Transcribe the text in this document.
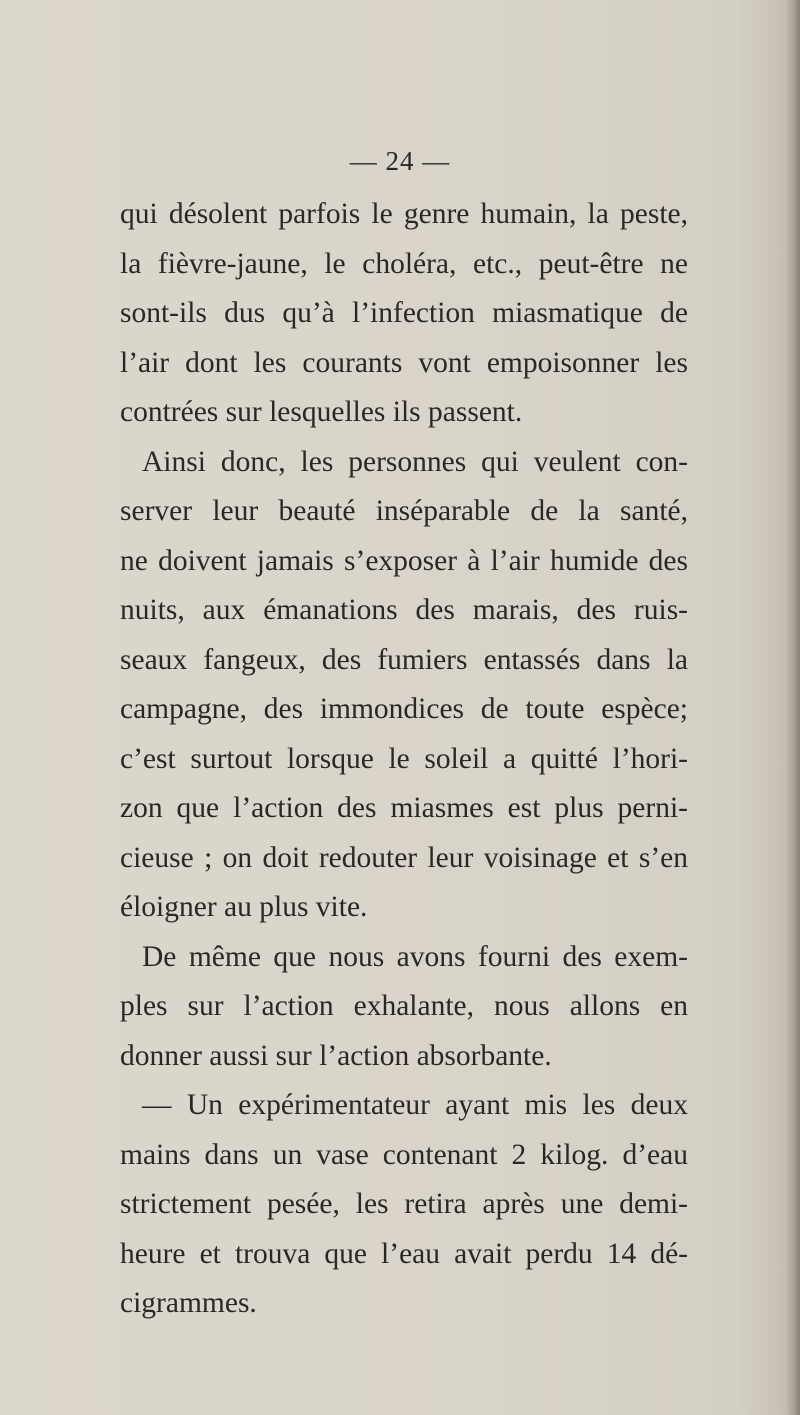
— 24 —
qui désolent parfois le genre humain, la peste,
la fièvre-jaune, le choléra, etc., peut-être ne
sont-ils dus qu’à l’infection miasmatique de
l’air dont les courants vont empoisonner les
contrées sur lesquelles ils passent.
Ainsi donc, les personnes qui veulent con-
server leur beauté inséparable de la santé,
ne doivent jamais s’exposer à l’air humide des
nuits, aux émanations des marais, des ruis-
seaux fangeux, des fumiers entassés dans la
campagne, des immondices de toute espèce;
c’est surtout lorsque le soleil a quitté l’hori-
zon que l’action des miasmes est plus perni-
cieuse ; on doit redouter leur voisinage et s’en
éloigner au plus vite.
De même que nous avons fourni des exem-
ples sur l’action exhalante, nous allons en
donner aussi sur l’action absorbante.
— Un expérimentateur ayant mis les deux
mains dans un vase contenant 2 kilog. d’eau
strictement pesée, les retira après une demi-
heure et trouva que l’eau avait perdu 14 dé-
cigrammes.
